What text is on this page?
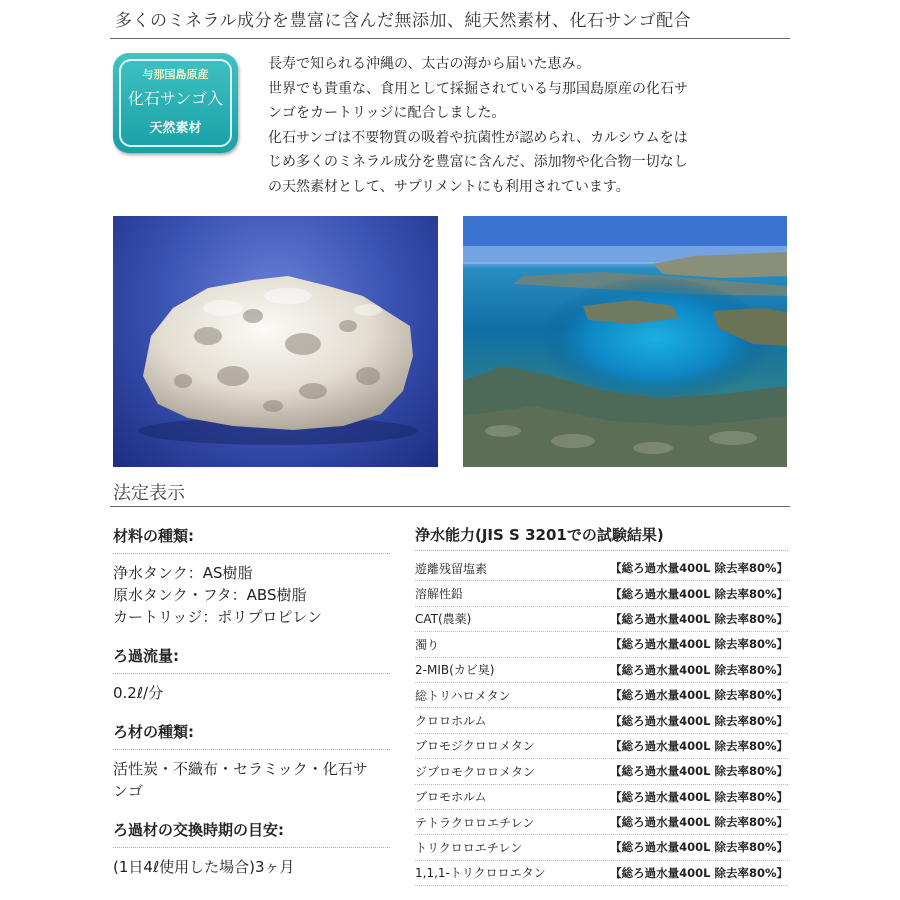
多くのミネラル成分を豊富に含んだ無添加、純天然素材、化石サンゴ配合
与那国島原産
化石サンゴ入
天然素材

長寿で知られる沖縄の、太古の海から届いた恵み。
世界でも貴重な、食用として採掘されている与那国島原産の化石サ
ンゴをカートリッジに配合しました。
化石サンゴは不要物質の吸着や抗菌性が認められ、カルシウムをは
じめ多くのミネラル成分を豊富に含んだ、添加物や化合物一切なし
の天然素材として、サプリメントにも利用されています。

法定表示
材料の種類:
浄水タンク：AS樹脂
原水タンク・フタ：ABS樹脂
カートリッジ：ポリプロピレン
ろ過流量:
0.2ℓ/分
ろ材の種類:
活性炭・不織布・セラミック・化石サ
ンゴ
ろ過材の交換時期の目安:
(1日4ℓ使用した場合)3ヶ月
浄水能力(JIS S 3201での試験結果)
遊離残留塩素	【総ろ過水量400L 除去率80%】
溶解性鉛	【総ろ過水量400L 除去率80%】
CAT(農薬)	【総ろ過水量400L 除去率80%】
濁り	【総ろ過水量400L 除去率80%】
2-MIB(カビ臭)	【総ろ過水量400L 除去率80%】
総トリハロメタン	【総ろ過水量400L 除去率80%】
クロロホルム	【総ろ過水量400L 除去率80%】
ブロモジクロロメタン	【総ろ過水量400L 除去率80%】
ジブロモクロロメタン	【総ろ過水量400L 除去率80%】
ブロモホルム	【総ろ過水量400L 除去率80%】
テトラクロロエチレン	【総ろ過水量400L 除去率80%】
トリクロロエチレン	【総ろ過水量400L 除去率80%】
1,1,1-トリクロロエタン	【総ろ過水量400L 除去率80%】
